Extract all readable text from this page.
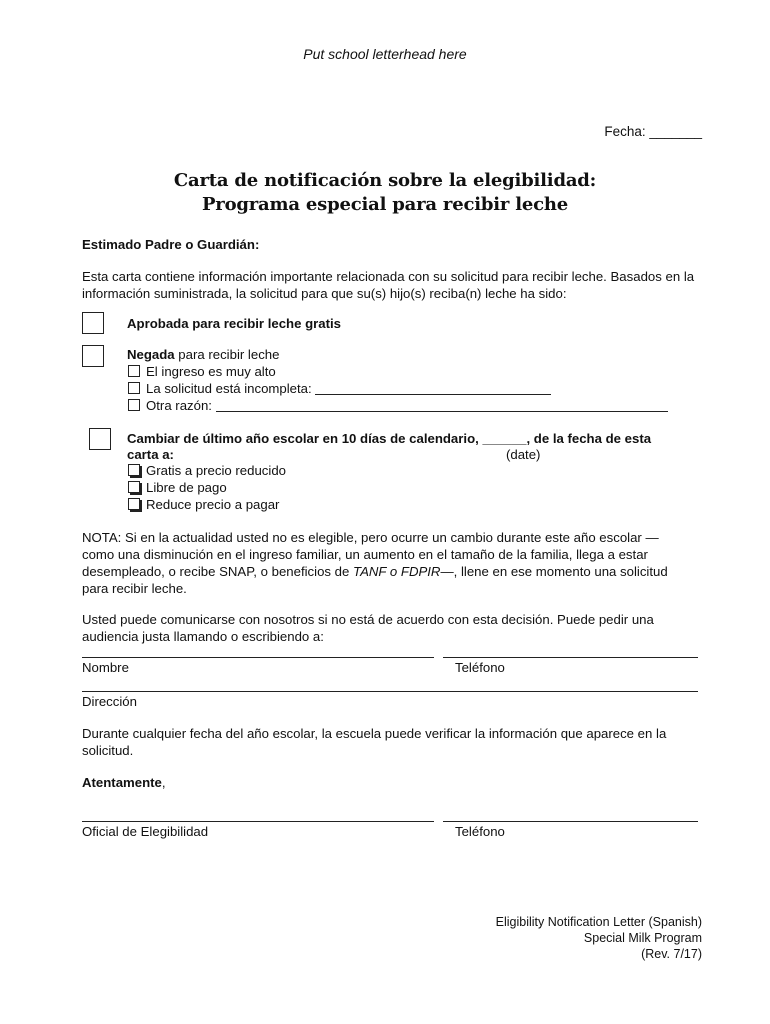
Put school letterhead here
Fecha: _______
Carta de notificación sobre la elegibilidad:
Programa especial para recibir leche
Estimado Padre o Guardián:
Esta carta contiene información importante relacionada con su solicitud para recibir leche. Basados en la información suministrada, la solicitud para que su(s) hijo(s) reciba(n) leche ha sido:
Aprobada para recibir leche gratis
Negada para recibir leche
El ingreso es muy alto
La solicitud está incompleta:
Otra razón:
Cambiar de último año escolar en 10 días de calendario, ______, de la fecha de esta
carta a:	(date)
Gratis a precio reducido
Libre de pago
Reduce precio a pagar
NOTA: Si en la actualidad usted no es elegible, pero ocurre un cambio durante este año escolar — como una disminución en el ingreso familiar, un aumento en el tamaño de la familia, llega a estar desempleado, o recibe SNAP, o beneficios de TANF o FDPIR—, llene en ese momento una solicitud para recibir leche.
Usted puede comunicarse con nosotros si no está de acuerdo con esta decisión. Puede pedir una audiencia justa llamando o escribiendo a:
Nombre	Teléfono
Dirección
Durante cualquier fecha del año escolar, la escuela puede verificar la información que aparece en la solicitud.
Atentamente,
Oficial de Elegibilidad	Teléfono
Eligibility Notification Letter (Spanish)
Special Milk Program
(Rev. 7/17)
